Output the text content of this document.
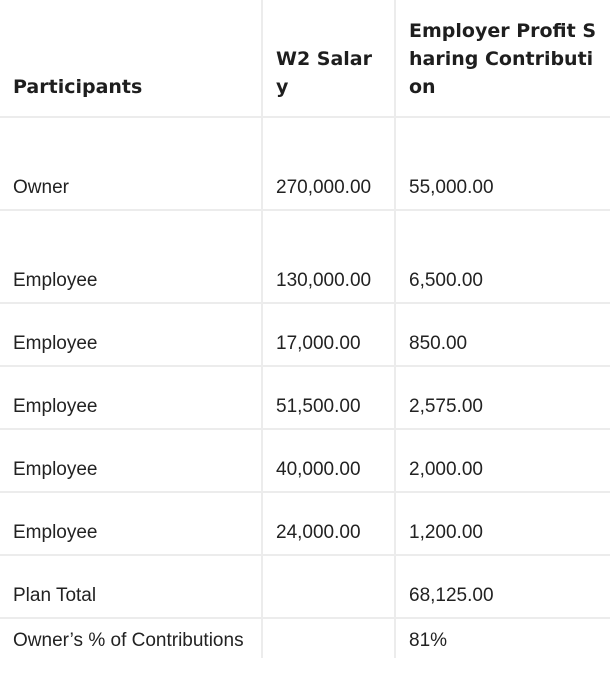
Participants	W2 Salary	Employer Profit Sharing Contribution
Owner	270,000.00	55,000.00
Employee	130,000.00	6,500.00
Employee	17,000.00	850.00
Employee	51,500.00	2,575.00
Employee	40,000.00	2,000.00
Employee	24,000.00	1,200.00
Plan Total		68,125.00
Owner’s % of Contributions		81%
